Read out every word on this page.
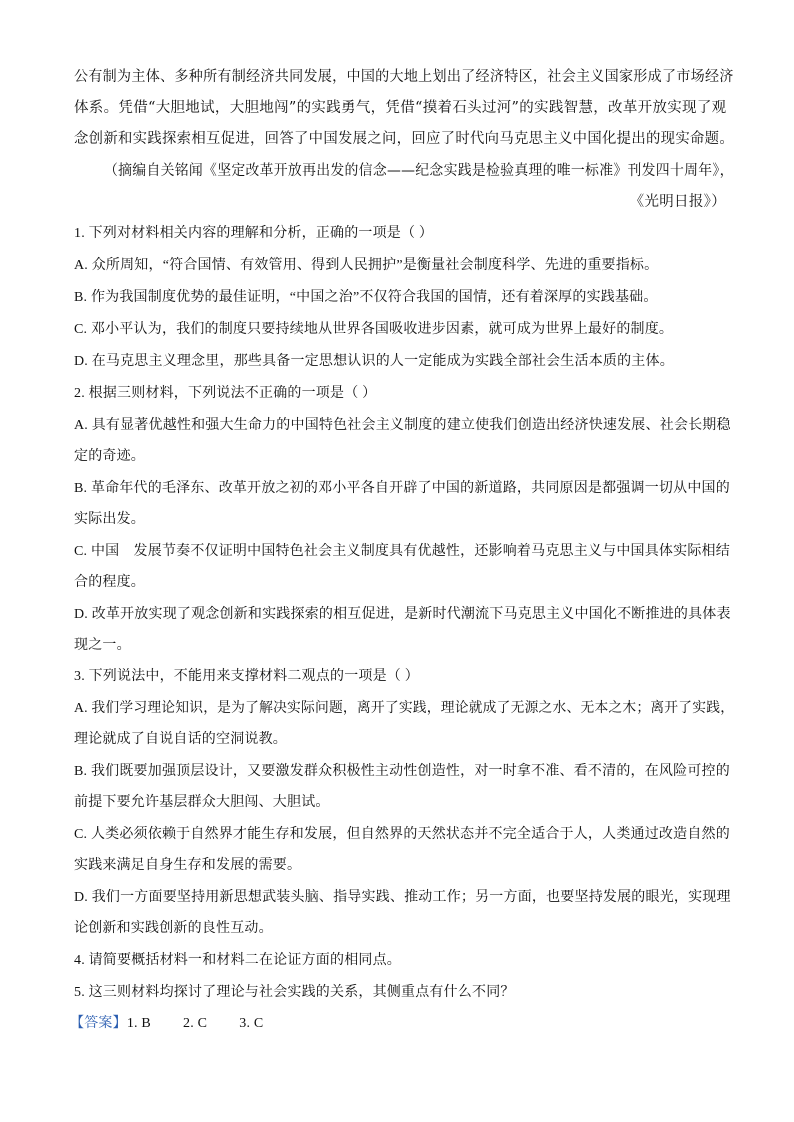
公有制为主体、多种所有制经济共同发展，中国的大地上划出了经济特区，社会主义国家形成了市场经济
体系。凭借“大胆地试，大胆地闯”的实践勇气，凭借“摸着石头过河”的实践智慧，改革开放实现了观
念创新和实践探索相互促进，回答了中国发展之问，回应了时代向马克思主义中国化提出的现实命题。
（摘编自关铭闻《坚定改革开放再出发的信念——纪念实践是检验真理的唯一标准》刊发四十周年》，
《光明日报》）
1. 下列对材料相关内容的理解和分析，正确的一项是（ ）
A. 众所周知，“符合国情、有效管用、得到人民拥护”是衡量社会制度科学、先进的重要指标。
B. 作为我国制度优势的最佳证明，“中国之治”不仅符合我国的国情，还有着深厚的实践基础。
C. 邓小平认为，我们的制度只要持续地从世界各国吸收进步因素，就可成为世界上最好的制度。
D. 在马克思主义理念里，那些具备一定思想认识的人一定能成为实践全部社会生活本质的主体。
2. 根据三则材料，下列说法不正确的一项是（ ）
A. 具有显著优越性和强大生命力的中国特色社会主义制度的建立使我们创造出经济快速发展、社会长期稳
定的奇迹。
B. 革命年代的毛泽东、改革开放之初的邓小平各自开辟了中国的新道路，共同原因是都强调一切从中国的
实际出发。
C. 中国　发展节奏不仅证明中国特色社会主义制度具有优越性，还影响着马克思主义与中国具体实际相结
合的程度。
D. 改革开放实现了观念创新和实践探索的相互促进，是新时代潮流下马克思主义中国化不断推进的具体表
现之一。
3. 下列说法中，不能用来支撑材料二观点的一项是（ ）
A. 我们学习理论知识，是为了解决实际问题，离开了实践，理论就成了无源之水、无本之木；离开了实践，
理论就成了自说自话的空洞说教。
B. 我们既要加强顶层设计，又要激发群众积极性主动性创造性，对一时拿不准、看不清的，在风险可控的
前提下要允许基层群众大胆闯、大胆试。
C. 人类必须依赖于自然界才能生存和发展，但自然界的天然状态并不完全适合于人，人类通过改造自然的
实践来满足自身生存和发展的需要。
D. 我们一方面要坚持用新思想武装头脑、指导实践、推动工作；另一方面，也要坚持发展的眼光，实现理
论创新和实践创新的良性互动。
4. 请简要概括材料一和材料二在论证方面的相同点。
5. 这三则材料均探讨了理论与社会实践的关系，其侧重点有什么不同？
【答案】1. B　　 2. C　　 3. C
